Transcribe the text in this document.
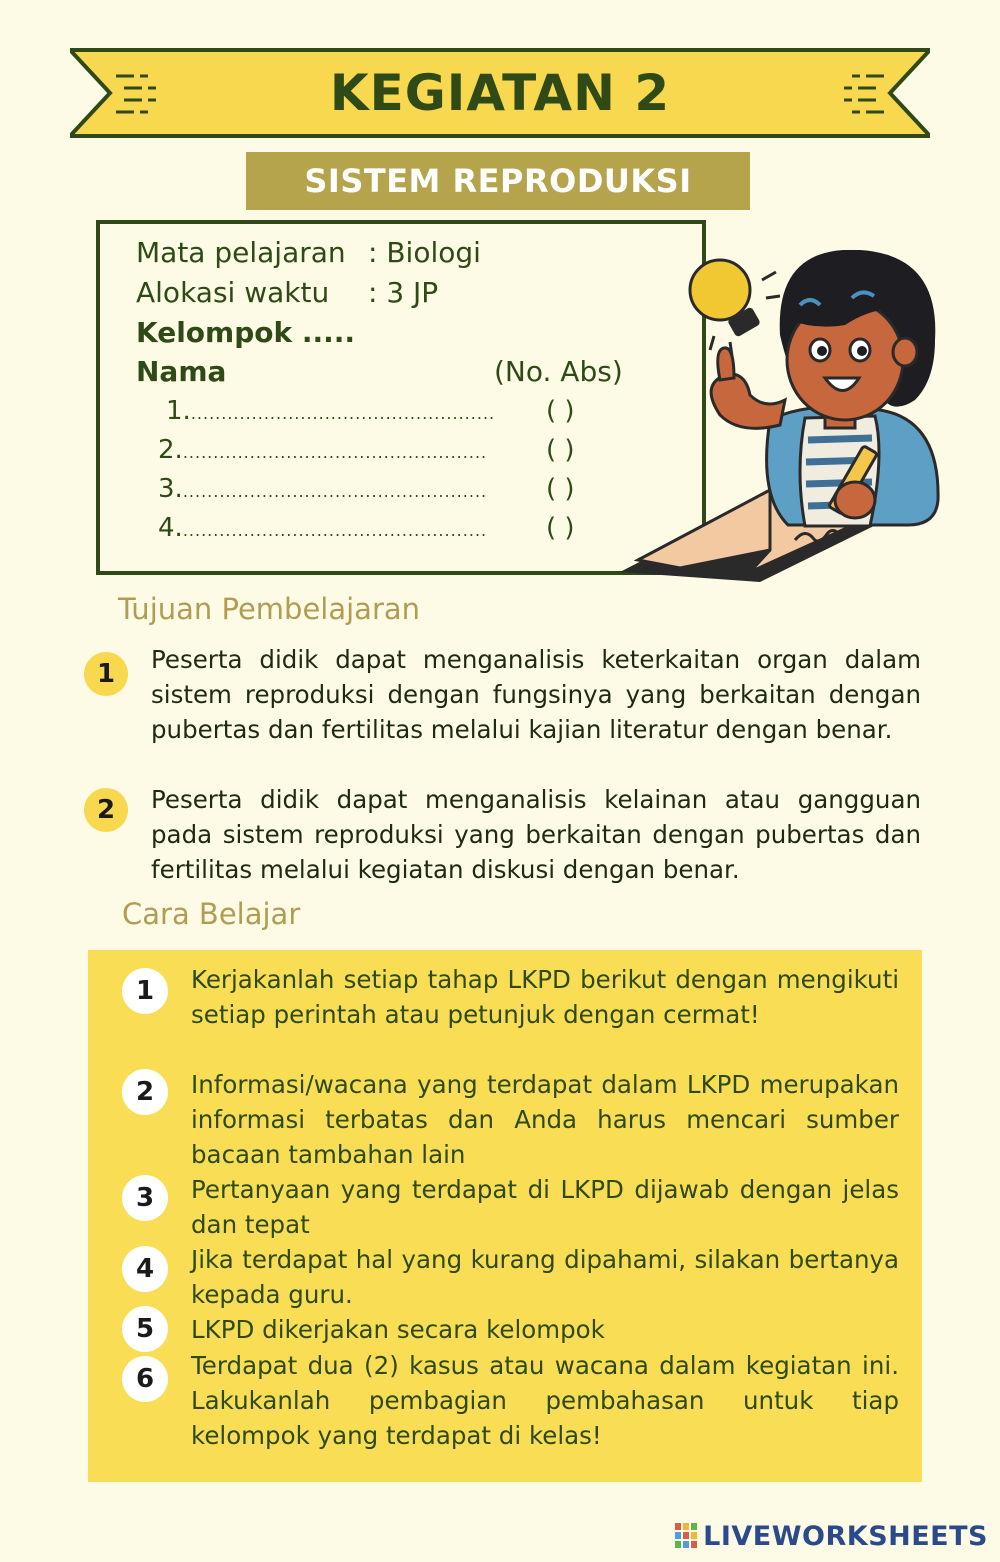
KEGIATAN 2
SISTEM REPRODUKSI
Mata pelajaran : Biologi
Alokasi waktu : 3 JP
Kelompok .....
Nama	(No. Abs)
1................................................... ( )
2................................................... ( )
3................................................... ( )
4................................................... ( )
Tujuan Pembelajaran
1	Peserta didik dapat menganalisis keterkaitan organ dalam sistem reproduksi dengan fungsinya yang berkaitan dengan pubertas dan fertilitas melalui kajian literatur dengan benar.
2	Peserta didik dapat menganalisis kelainan atau gangguan pada sistem reproduksi yang berkaitan dengan pubertas dan fertilitas melalui kegiatan diskusi dengan benar.
Cara Belajar
1	Kerjakanlah setiap tahap LKPD berikut dengan mengikuti setiap perintah atau petunjuk dengan cermat!
2	Informasi/wacana yang terdapat dalam LKPD merupakan informasi terbatas dan Anda harus mencari sumber bacaan tambahan lain
3	Pertanyaan yang terdapat di LKPD dijawab dengan jelas dan tepat
4	Jika terdapat hal yang kurang dipahami, silakan bertanya kepada guru.
5	LKPD dikerjakan secara kelompok
6	Terdapat dua (2) kasus atau wacana dalam kegiatan ini. Lakukanlah pembagian pembahasan untuk tiap kelompok yang terdapat di kelas!
LIVEWORKSHEETS
